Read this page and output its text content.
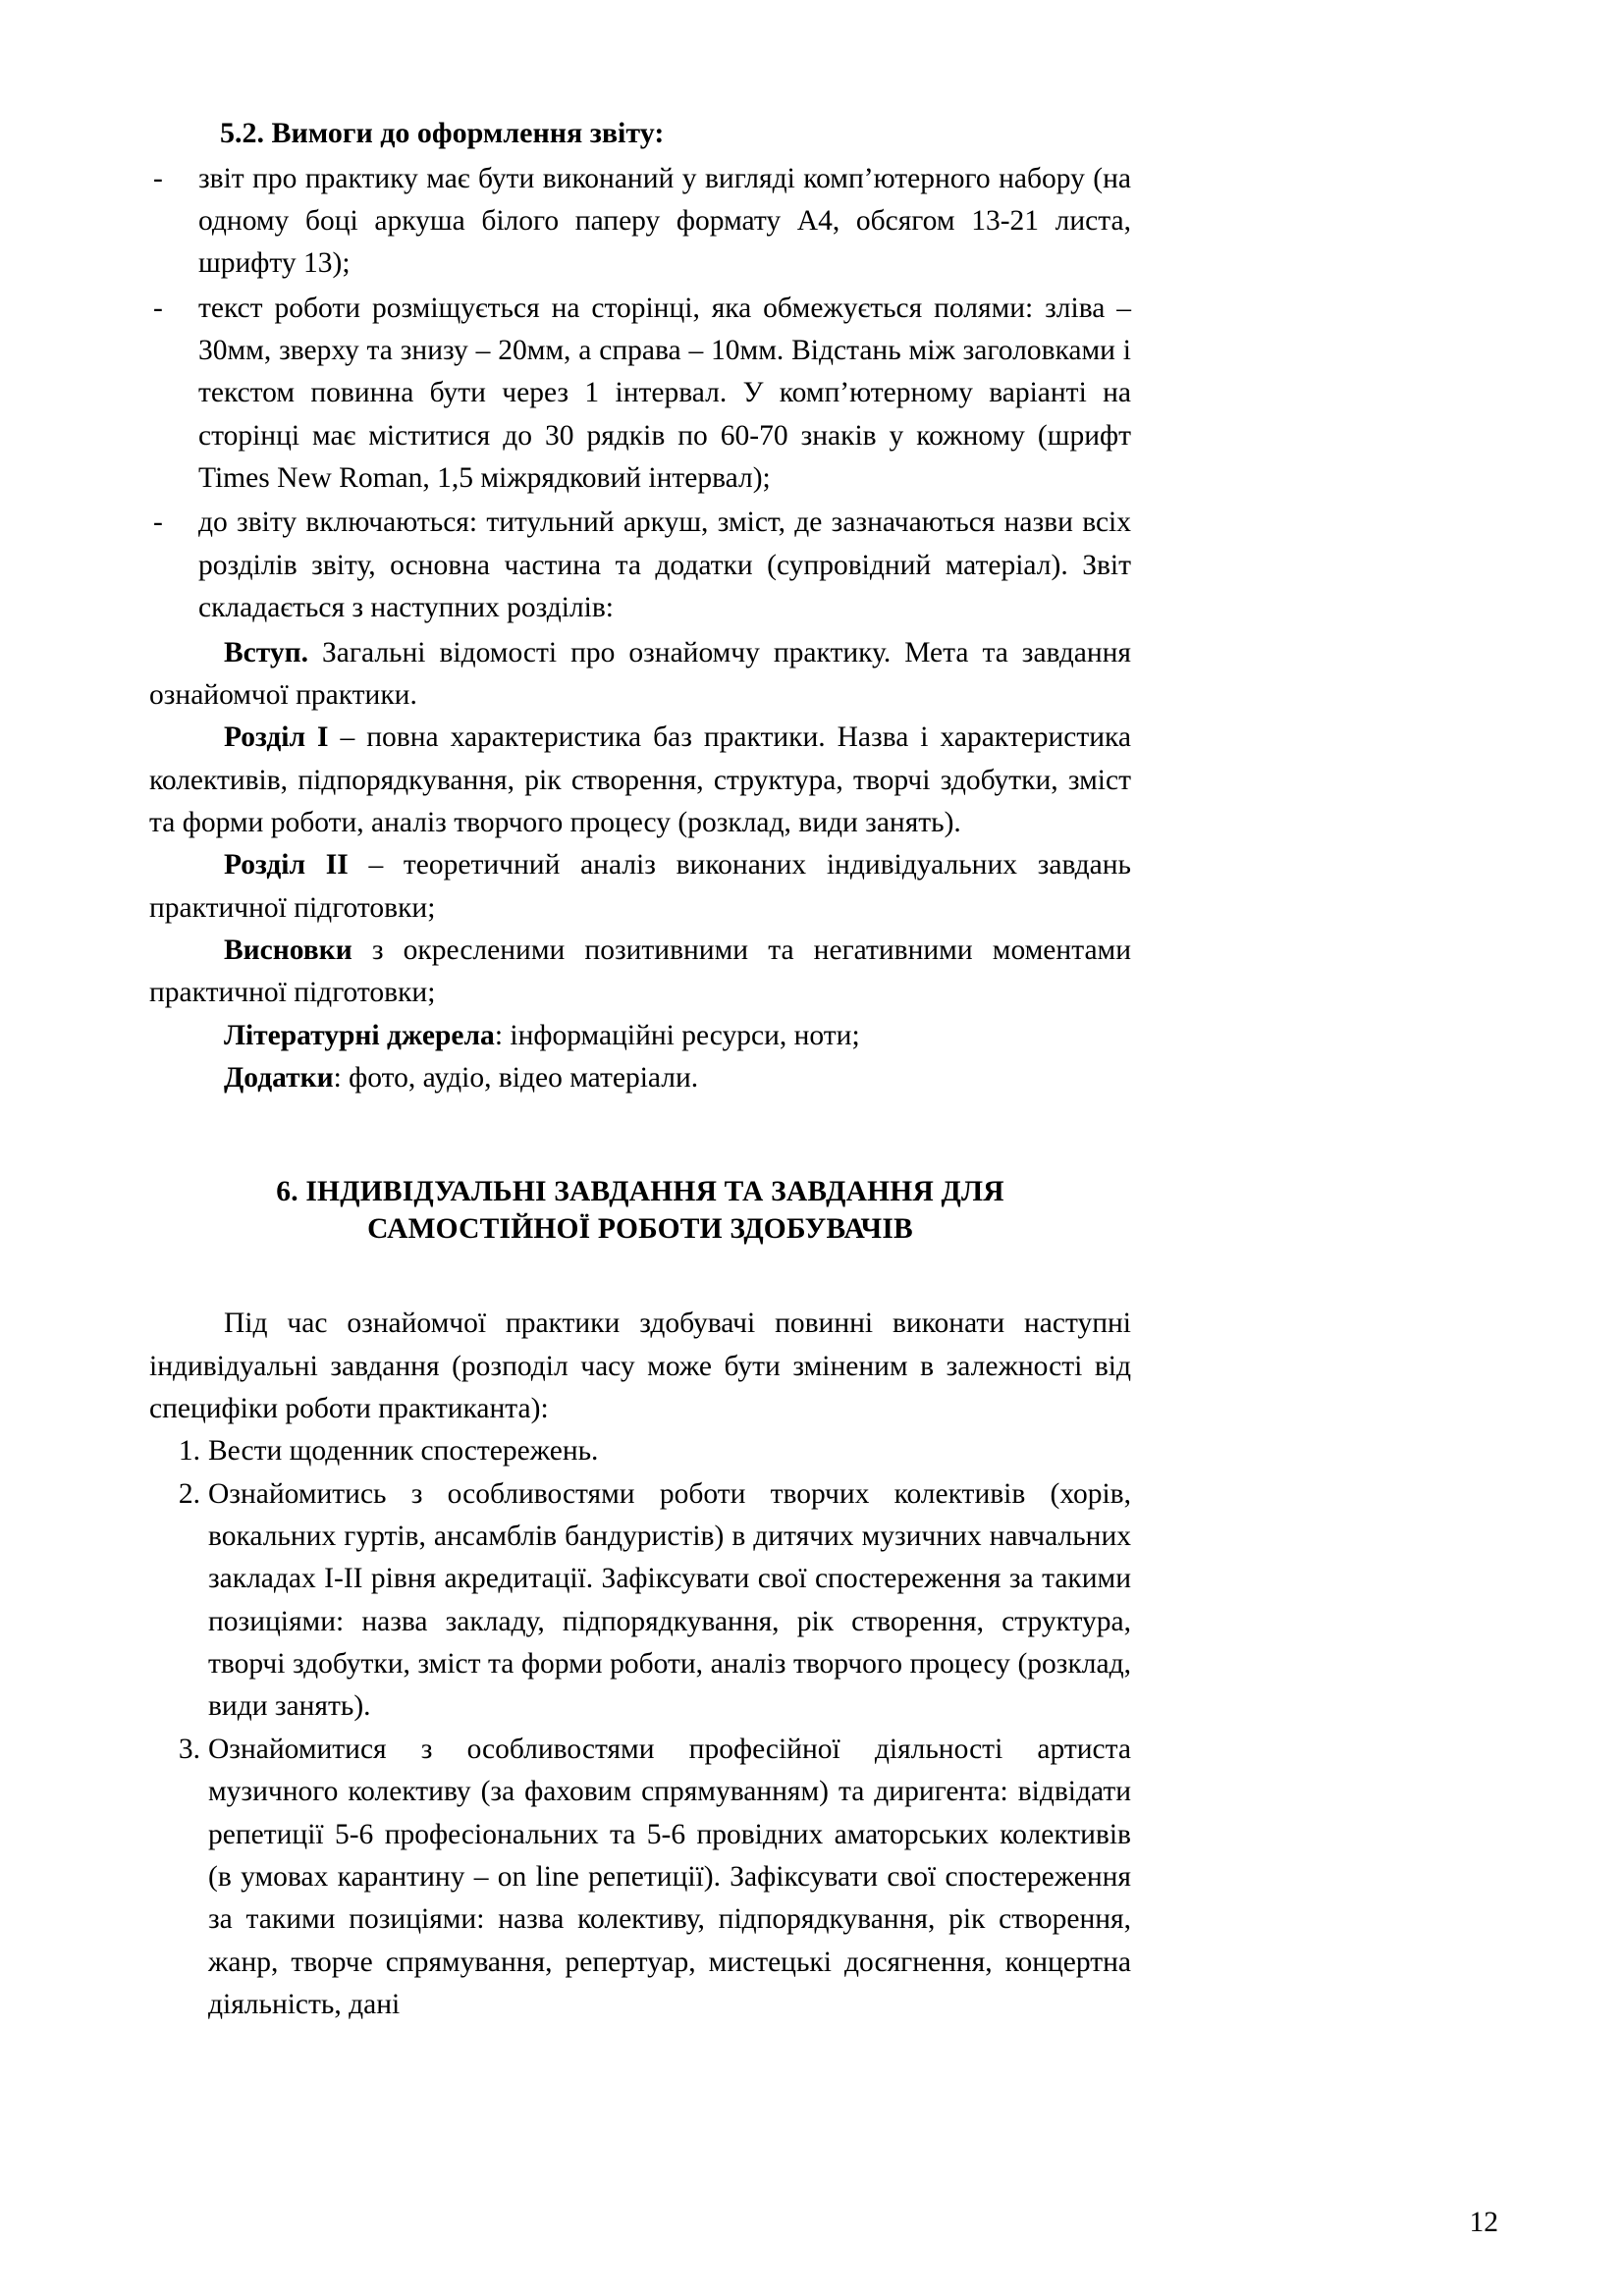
5.2. Вимоги до оформлення звіту:
- звіт про практику має бути виконаний у вигляді комп’ютерного набору (на одному боці аркуша білого паперу формату А4, обсягом 13-21 листа, шрифту 13);
- текст роботи розміщується на сторінці, яка обмежується полями: зліва – 30мм, зверху та знизу – 20мм, а справа – 10мм. Відстань між заголовками і текстом повинна бути через 1 інтервал. У комп’ютерному варіанті на сторінці має міститися до 30 рядків по 60-70 знаків у кожному (шрифт Times New Roman, 1,5 міжрядковий інтервал);
- до звіту включаються: титульний аркуш, зміст, де зазначаються назви всіх розділів звіту, основна частина та додатки (супровідний матеріал). Звіт складається з наступних розділів:

Вступ. Загальні відомості про ознайомчу практику. Мета та завдання ознайомчої практики.

Розділ І – повна характеристика баз практики. Назва і характеристика колективів, підпорядкування, рік створення, структура, творчі здобутки, зміст та форми роботи, аналіз творчого процесу (розклад, види занять).

Розділ ІІ – теоретичний аналіз виконаних індивідуальних завдань практичної підготовки;

Висновки з окресленими позитивними та негативними моментами практичної підготовки;

Літературні джерела: інформаційні ресурси, ноти;

Додатки: фото, аудіо, відео матеріали.

6. ІНДИВІДУАЛЬНІ ЗАВДАННЯ ТА ЗАВДАННЯ ДЛЯ
САМОСТІЙНОЇ РОБОТИ ЗДОБУВАЧІВ

Під час ознайомчої практики здобувачі повинні виконати наступні індивідуальні завдання (розподіл часу може бути зміненим в залежності від специфіки роботи практиканта):

1. Вести щоденник спостережень.
2. Ознайомитись з особливостями роботи творчих колективів (хорів, вокальних гуртів, ансамблів бандуристів) в дитячих музичних навчальних закладах І-ІІ рівня акредитації. Зафіксувати свої спостереження за такими позиціями: назва закладу, підпорядкування, рік створення, структура, творчі здобутки, зміст та форми роботи, аналіз творчого процесу (розклад, види занять).
3. Ознайомитися з особливостями професійної діяльності артиста музичного колективу (за фаховим спрямуванням) та диригента: відвідати репетиції 5-6 професіональних та 5-6 провідних аматорських колективів (в умовах карантину – on line репетиції). Зафіксувати свої спостереження за такими позиціями: назва колективу, підпорядкування, рік створення, жанр, творче спрямування, репертуар, мистецькі досягнення, концертна діяльність, дані
12
